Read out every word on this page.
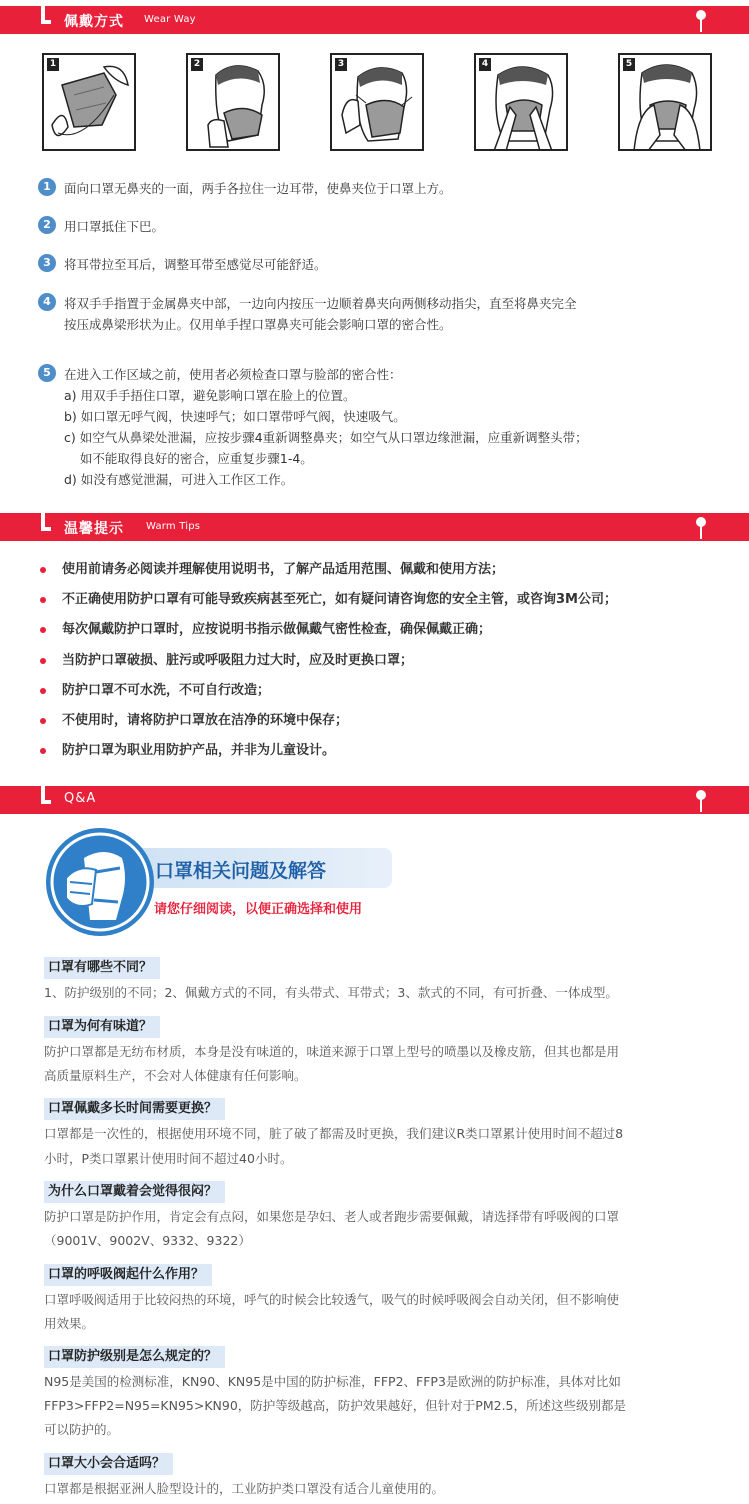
佩戴方式 Wear Way
1	2	3	4	5
1	面向口罩无鼻夹的一面，两手各拉住一边耳带，使鼻夹位于口罩上方。
2	用口罩抵住下巴。
3	将耳带拉至耳后，调整耳带至感觉尽可能舒适。
4	将双手手指置于金属鼻夹中部，一边向内按压一边顺着鼻夹向两侧移动指尖，直至将鼻夹完全
按压成鼻梁形状为止。仅用单手捏口罩鼻夹可能会影响口罩的密合性。
5	在进入工作区域之前，使用者必须检查口罩与脸部的密合性：
a) 用双手手捂住口罩，避免影响口罩在脸上的位置。
b) 如口罩无呼气阀，快速呼气；如口罩带呼气阀，快速吸气。
c) 如空气从鼻梁处泄漏，应按步骤4重新调整鼻夹；如空气从口罩边缘泄漏，应重新调整头带；
如不能取得良好的密合，应重复步骤1-4。
d) 如没有感觉泄漏，可进入工作区工作。
温馨提示 Warm Tips
使用前请务必阅读并理解使用说明书，了解产品适用范围、佩戴和使用方法；
不正确使用防护口罩有可能导致疾病甚至死亡，如有疑问请咨询您的安全主管，或咨询3M公司；
每次佩戴防护口罩时，应按说明书指示做佩戴气密性检查，确保佩戴正确；
当防护口罩破损、脏污或呼吸阻力过大时，应及时更换口罩；
防护口罩不可水洗，不可自行改造；
不使用时，请将防护口罩放在洁净的环境中保存；
防护口罩为职业用防护产品，并非为儿童设计。
Q&A
口罩相关问题及解答
请您仔细阅读，以便正确选择和使用
口罩有哪些不同？
1、防护级别的不同；2、佩戴方式的不同，有头带式、耳带式；3、款式的不同，有可折叠、一体成型。
口罩为何有味道？
防护口罩都是无纺布材质，本身是没有味道的，味道来源于口罩上型号的喷墨以及橡皮筋，但其也都是用
高质量原料生产，不会对人体健康有任何影响。
口罩佩戴多长时间需要更换？
口罩都是一次性的，根据使用环境不同，脏了破了都需及时更换，我们建议R类口罩累计使用时间不超过8
小时，P类口罩累计使用时间不超过40小时。
为什么口罩戴着会觉得很闷？
防护口罩是防护作用，肯定会有点闷，如果您是孕妇、老人或者跑步需要佩戴，请选择带有呼吸阀的口罩
（9001V、9002V、9332、9322）
口罩的呼吸阀起什么作用？
口罩呼吸阀适用于比较闷热的环境，呼气的时候会比较透气，吸气的时候呼吸阀会自动关闭，但不影响使
用效果。
口罩防护级别是怎么规定的？
N95是美国的检测标准，KN90、KN95是中国的防护标准，FFP2、FFP3是欧洲的防护标准，具体对比如
FFP3>FFP2=N95=KN95>KN90，防护等级越高，防护效果越好，但针对于PM2.5，所述这些级别都是
可以防护的。
口罩大小会合适吗？
口罩都是根据亚洲人脸型设计的，工业防护类口罩没有适合儿童使用的。
